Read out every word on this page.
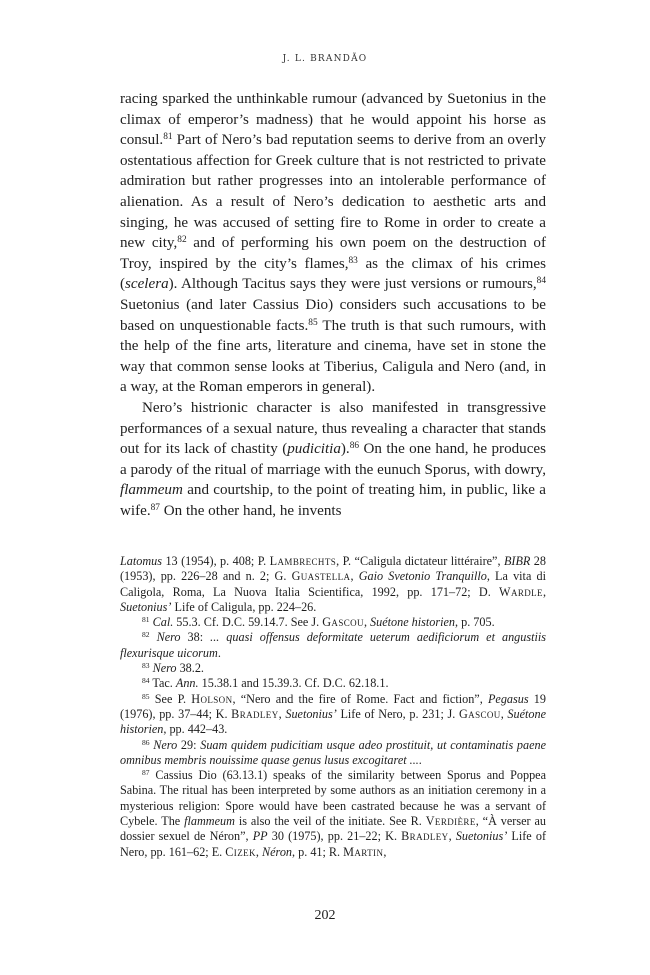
J. L. BRANDÃO

racing sparked the unthinkable rumour (advanced by Suetonius in the climax of emperor’s madness) that he would appoint his horse as consul.$^{81}$ Part of Nero’s bad reputation seems to derive from an overly ostentatious affection for Greek culture that is not restricted to private admiration but rather progresses into an intolerable performance of alienation. As a result of Nero’s dedication to aesthetic arts and singing, he was accused of setting fire to Rome in order to create a new city,$^{82}$ and of performing his own poem on the destruction of Troy, inspired by the city’s flames,$^{83}$ as the climax of his crimes (scelera). Although Tacitus says they were just versions or rumours,$^{84}$ Suetonius (and later Cassius Dio) considers such accusations to be based on unquestionable facts.$^{85}$ The truth is that such rumours, with the help of the fine arts, literature and cinema, have set in stone the way that common sense looks at Tiberius, Caligula and Nero (and, in a way, at the Roman emperors in general).

Nero’s histrionic character is also manifested in transgressive performances of a sexual nature, thus revealing a character that stands out for its lack of chastity (pudicitia).$^{86}$ On the one hand, he produces a parody of the ritual of marriage with the eunuch Sporus, with dowry, flammeum and courtship, to the point of treating him, in public, like a wife.$^{87}$ On the other hand, he invents

Latomus 13 (1954), p. 408; P. Lambrechts, P. “Caligula dictateur littéraire”, BIBR 28 (1953), pp. 226–28 and n. 2; G. Guastella, Gaio Svetonio Tranquillo, La vita di Caligola, Roma, La Nuova Italia Scientifica, 1992, pp. 171–72; D. Wardle, Suetonius’ Life of Caligula, pp. 224–26.

$^{81}$ Cal. 55.3. Cf. D.C. 59.14.7. See J. Gascou, Suétone historien, p. 705.

$^{82}$ Nero 38: ... quasi offensus deformitate ueterum aedificiorum et angustiis flexurisque uicorum.

$^{83}$ Nero 38.2.

$^{84}$ Tac. Ann. 15.38.1 and 15.39.3. Cf. D.C. 62.18.1.

$^{85}$ See P. Holson, “Nero and the fire of Rome. Fact and fiction”, Pegasus 19 (1976), pp. 37–44; K. Bradley, Suetonius’ Life of Nero, p. 231; J. Gascou, Suétone historien, pp. 442–43.

$^{86}$ Nero 29: Suam quidem pudicitiam usque adeo prostituit, ut contaminatis paene omnibus membris nouissime quase genus lusus excogitaret ....

$^{87}$ Cassius Dio (63.13.1) speaks of the similarity between Sporus and Poppea Sabina. The ritual has been interpreted by some authors as an initiation ceremony in a mysterious religion: Spore would have been castrated because he was a servant of Cybele. The flammeum is also the veil of the initiate. See R. Verdière, “À verser au dossier sexuel de Néron”, PP 30 (1975), pp. 21–22; K. Bradley, Suetonius’ Life of Nero, pp. 161–62; E. Cizek, Néron, p. 41; R. Martin,

202
